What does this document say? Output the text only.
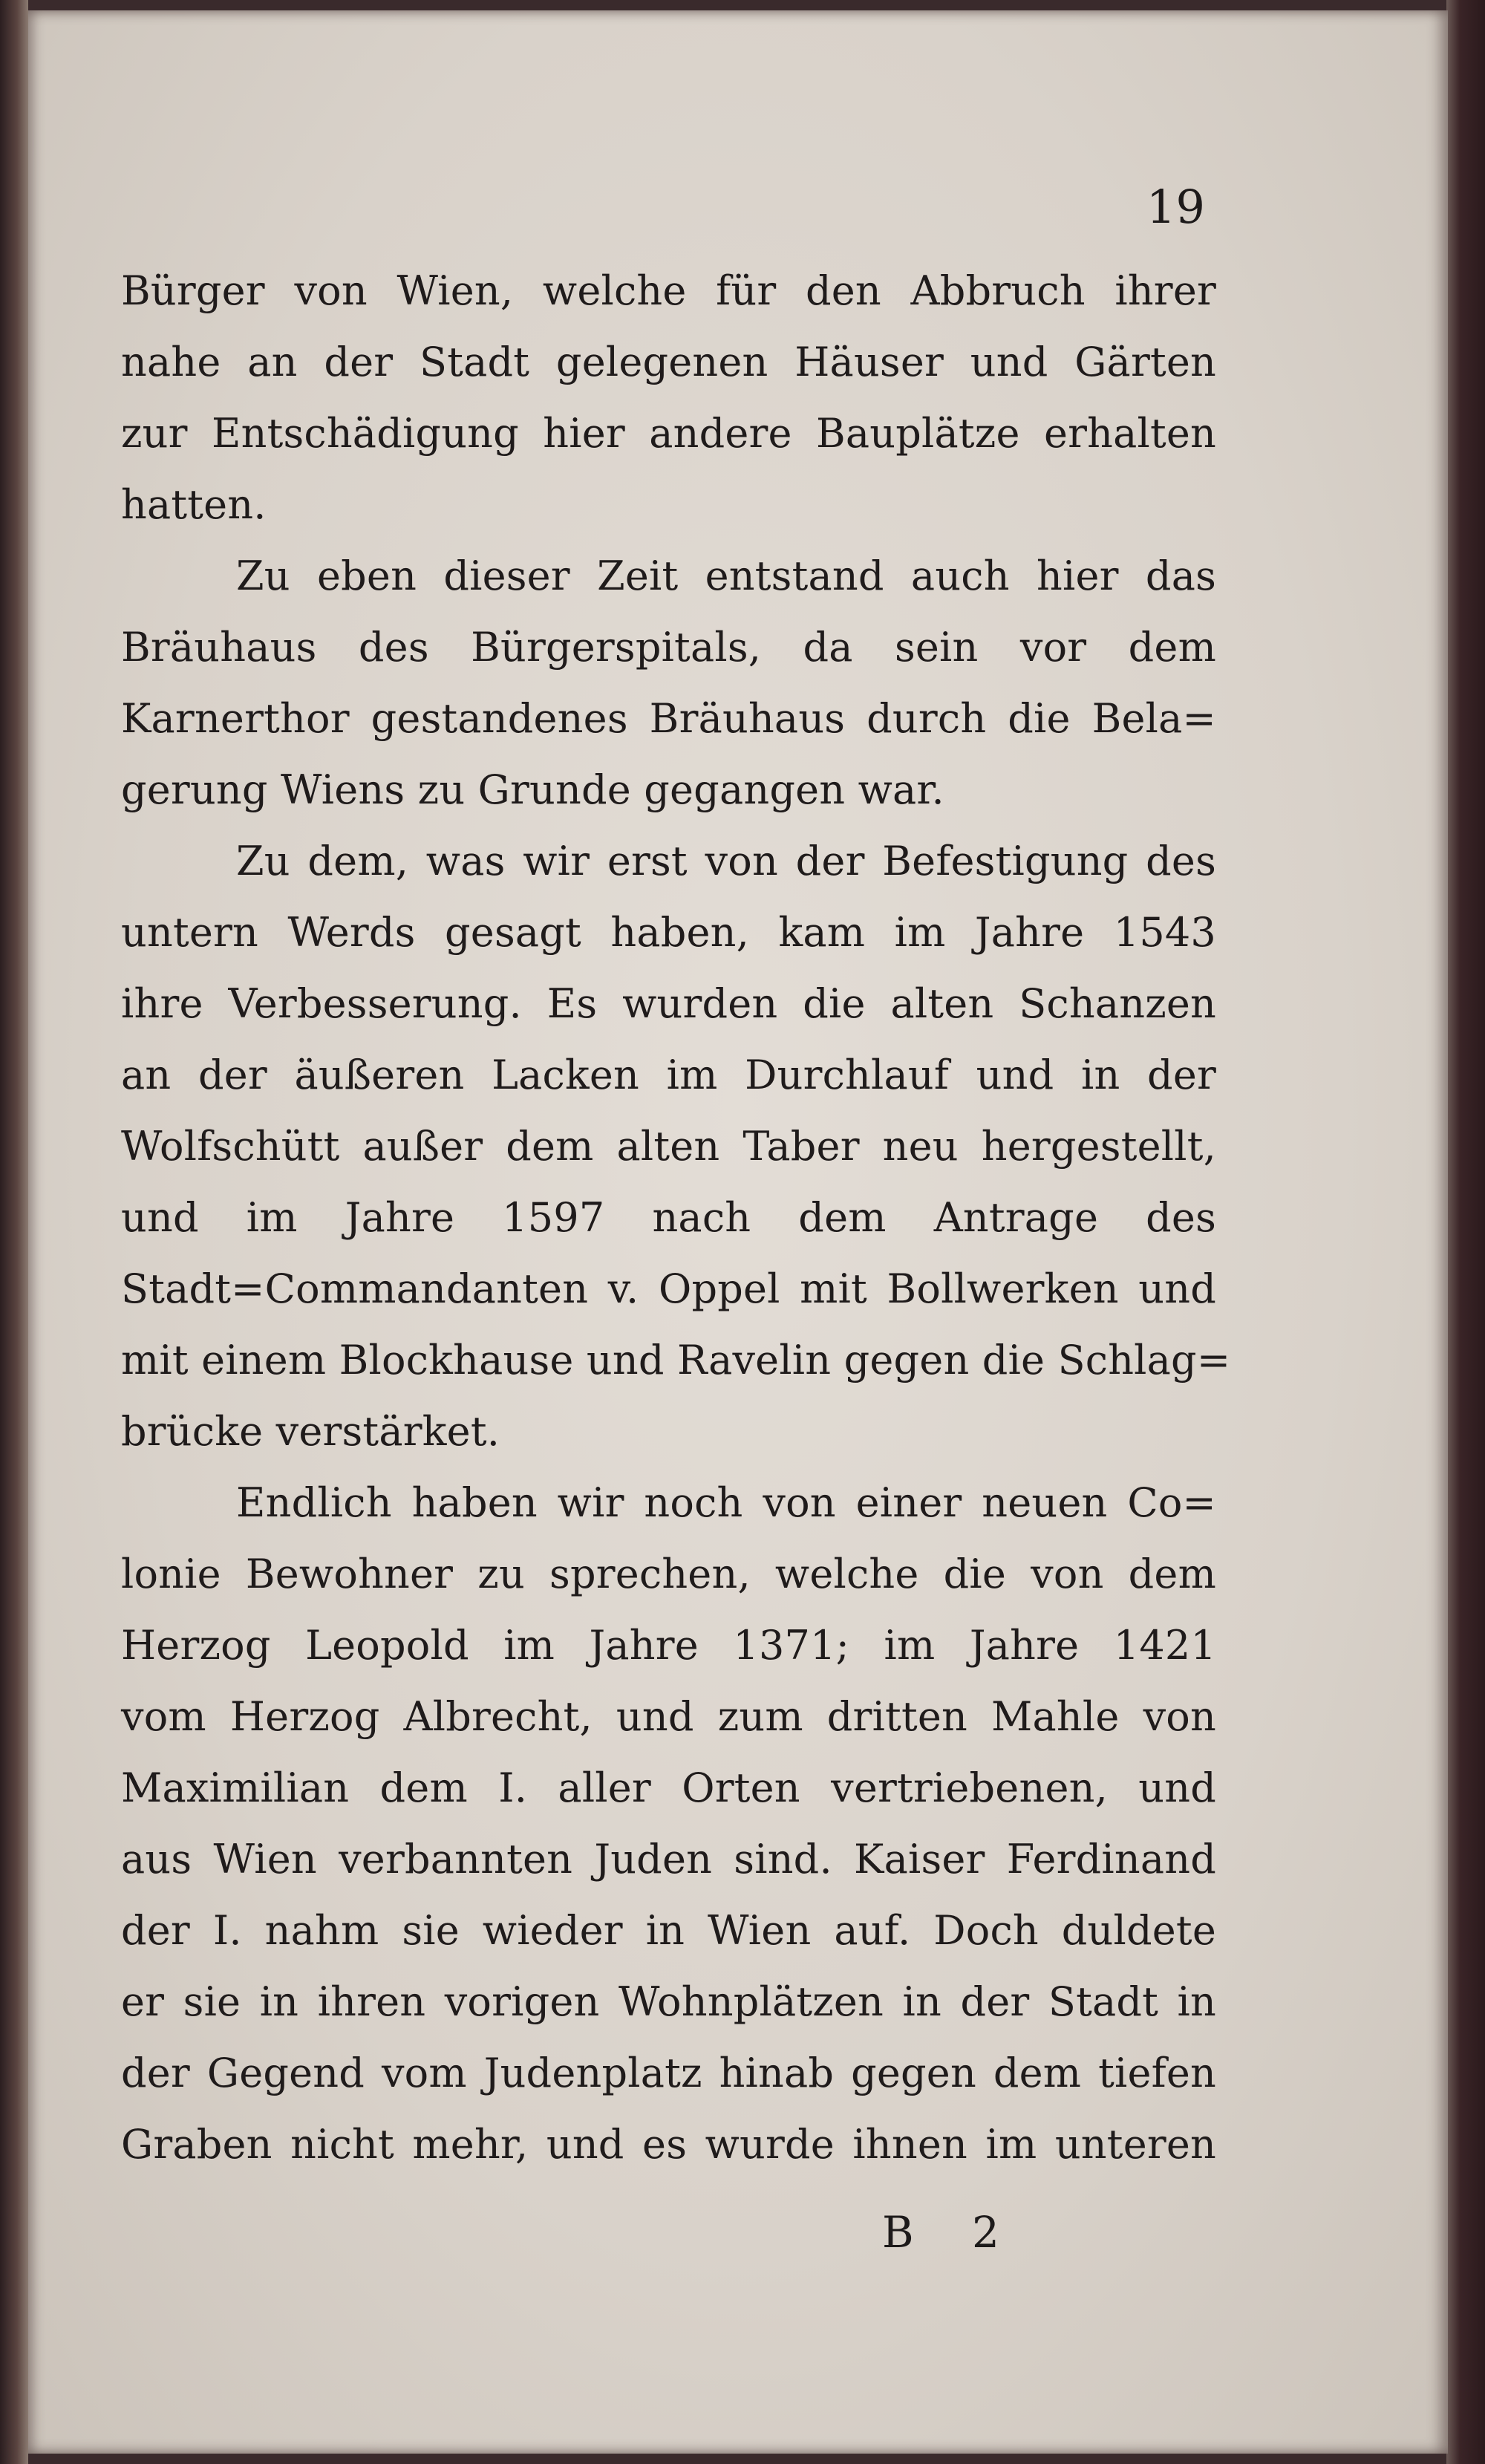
19
Bürger von Wien, welche für den Abbruch ihrer
nahe an der Stadt gelegenen Häuser und Gärten
zur Entschädigung hier andere Bauplätze erhalten
hatten.
Zu eben dieser Zeit entstand auch hier das
Bräuhaus des Bürgerspitals, da sein vor dem
Karnerthor gestandenes Bräuhaus durch die Bela=
gerung Wiens zu Grunde gegangen war.
Zu dem, was wir erst von der Befestigung des
untern Werds gesagt haben, kam im Jahre 1543
ihre Verbesserung. Es wurden die alten Schanzen
an der äußeren Lacken im Durchlauf und in der
Wolfschütt außer dem alten Taber neu hergestellt,
und im Jahre 1597 nach dem Antrage des
Stadt=Commandanten v. Oppel mit Bollwerken und
mit einem Blockhause und Ravelin gegen die Schlag=
brücke verstärket.
Endlich haben wir noch von einer neuen Co=
lonie Bewohner zu sprechen, welche die von dem
Herzog Leopold im Jahre 1371; im Jahre 1421
vom Herzog Albrecht, und zum dritten Mahle von
Maximilian dem I. aller Orten vertriebenen, und
aus Wien verbannten Juden sind. Kaiser Ferdinand
der I. nahm sie wieder in Wien auf. Doch duldete
er sie in ihren vorigen Wohnplätzen in der Stadt in
der Gegend vom Judenplatz hinab gegen dem tiefen
Graben nicht mehr, und es wurde ihnen im unteren
B 2
